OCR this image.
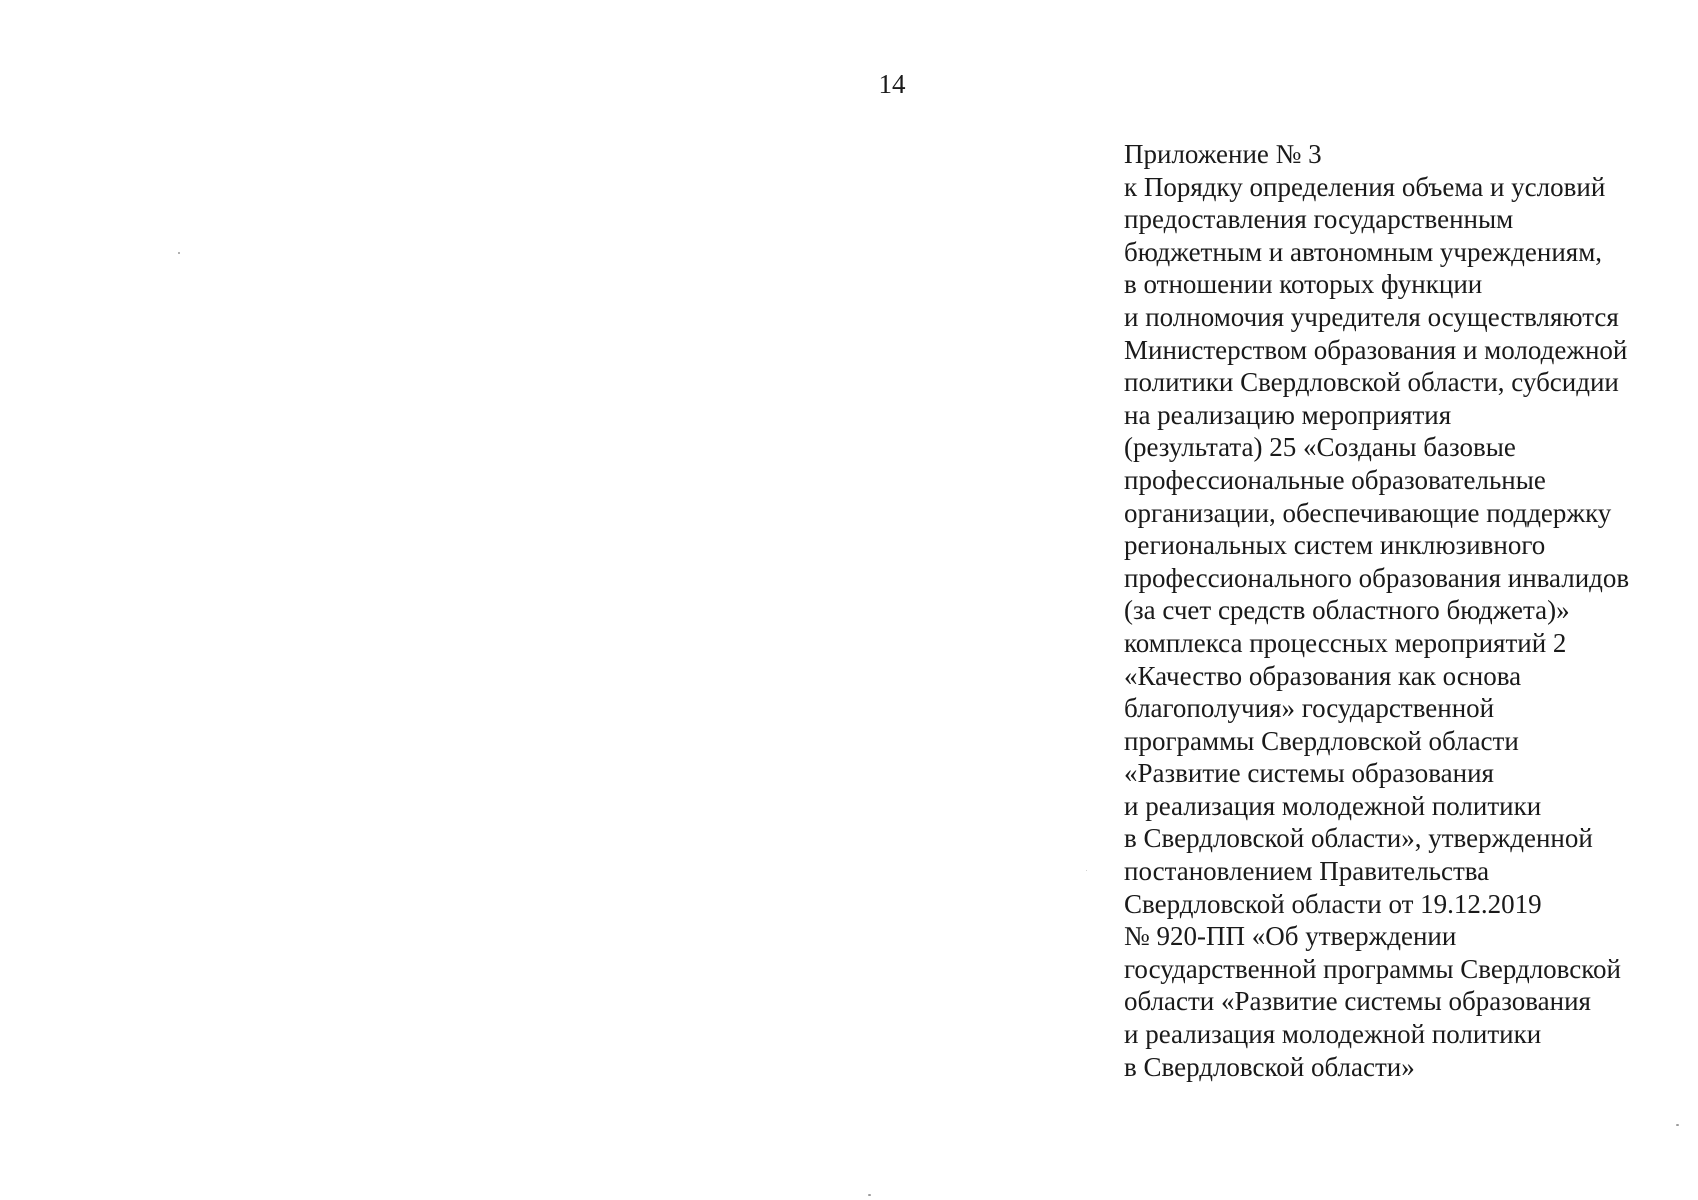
14
Приложение № 3
к Порядку определения объема и условий
предоставления государственным
бюджетным и автономным учреждениям,
в отношении которых функции
и полномочия учредителя осуществляются
Министерством образования и молодежной
политики Свердловской области, субсидии
на реализацию мероприятия
(результата) 25 «Созданы базовые
профессиональные образовательные
организации, обеспечивающие поддержку
региональных систем инклюзивного
профессионального образования инвалидов
(за счет средств областного бюджета)»
комплекса процессных мероприятий 2
«Качество образования как основа
благополучия» государственной
программы Свердловской области
«Развитие системы образования
и реализация молодежной политики
в Свердловской области», утвержденной
постановлением Правительства
Свердловской области от 19.12.2019
№ 920-ПП «Об утверждении
государственной программы Свердловской
области «Развитие системы образования
и реализация молодежной политики
в Свердловской области»
